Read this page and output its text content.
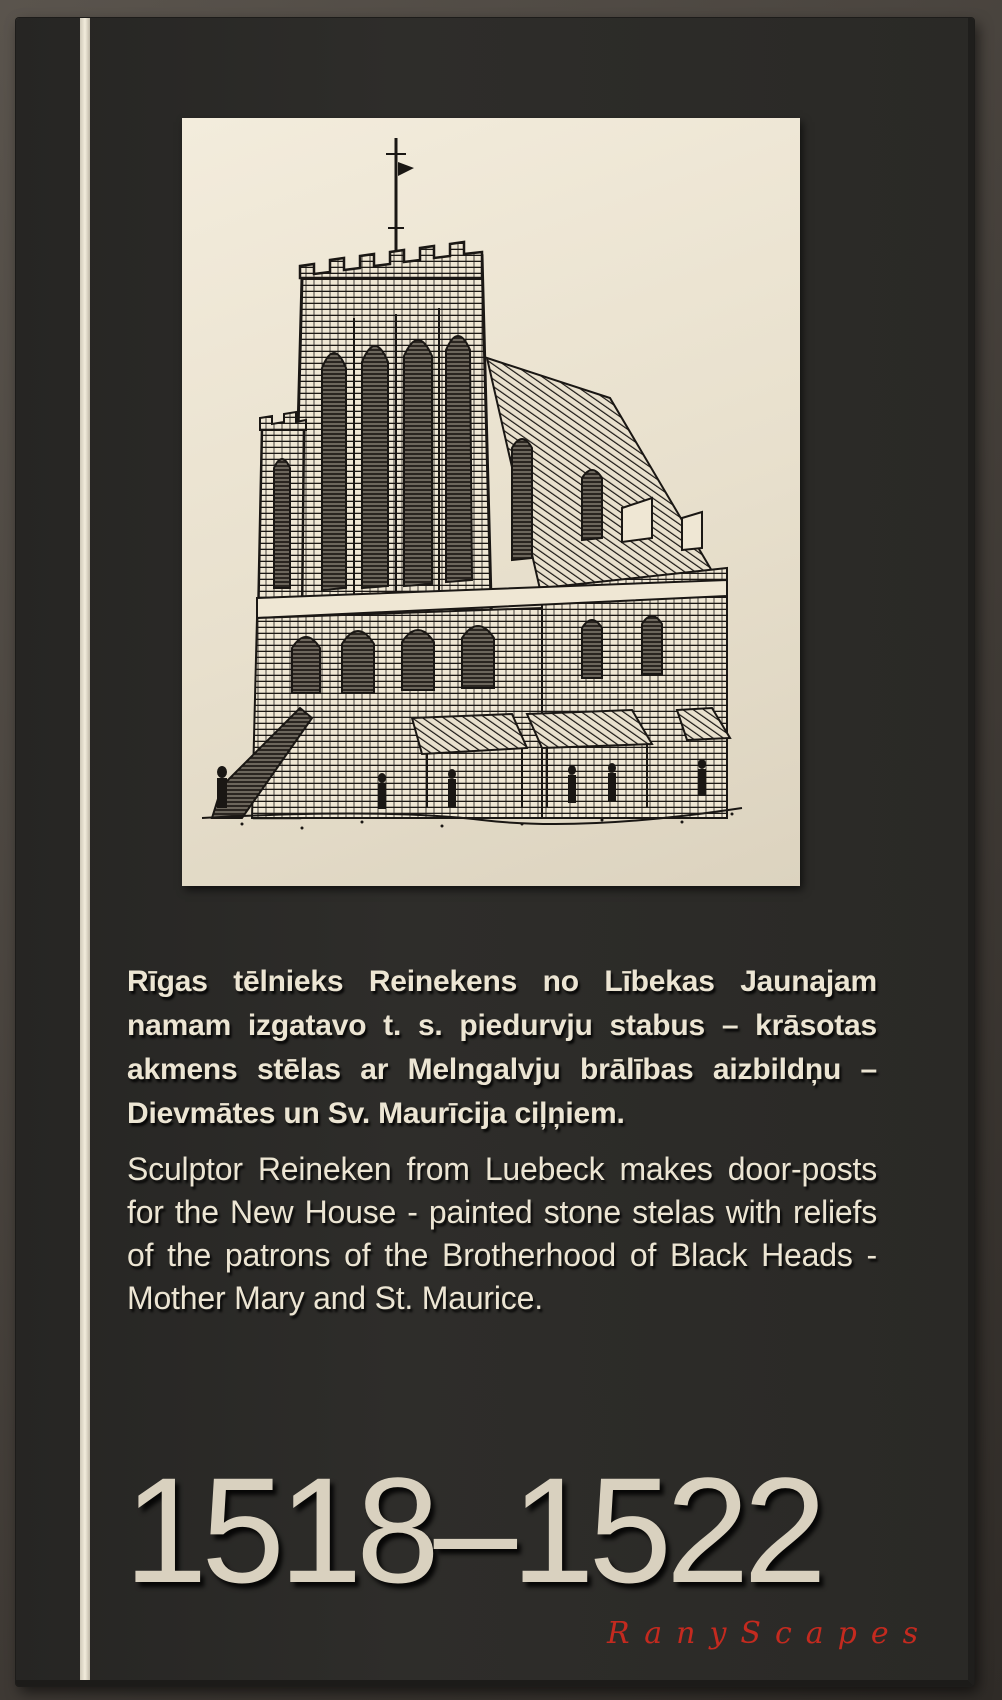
Rīgas tēlnieks Reinekens no Lībekas Jaunajam namam izgatavo t. s. piedurvju stabus – krāsotas akmens stēlas ar Melngalvju brālības aizbildņu – Dievmātes un Sv. Maurīcija ciļņiem.
Sculptor Reineken from Luebeck makes door-posts for the New House - painted stone stelas with reliefs of the patrons of the Brotherhood of Black Heads - Mother Mary and St. Maurice.
1518–1522
RanyScapes
